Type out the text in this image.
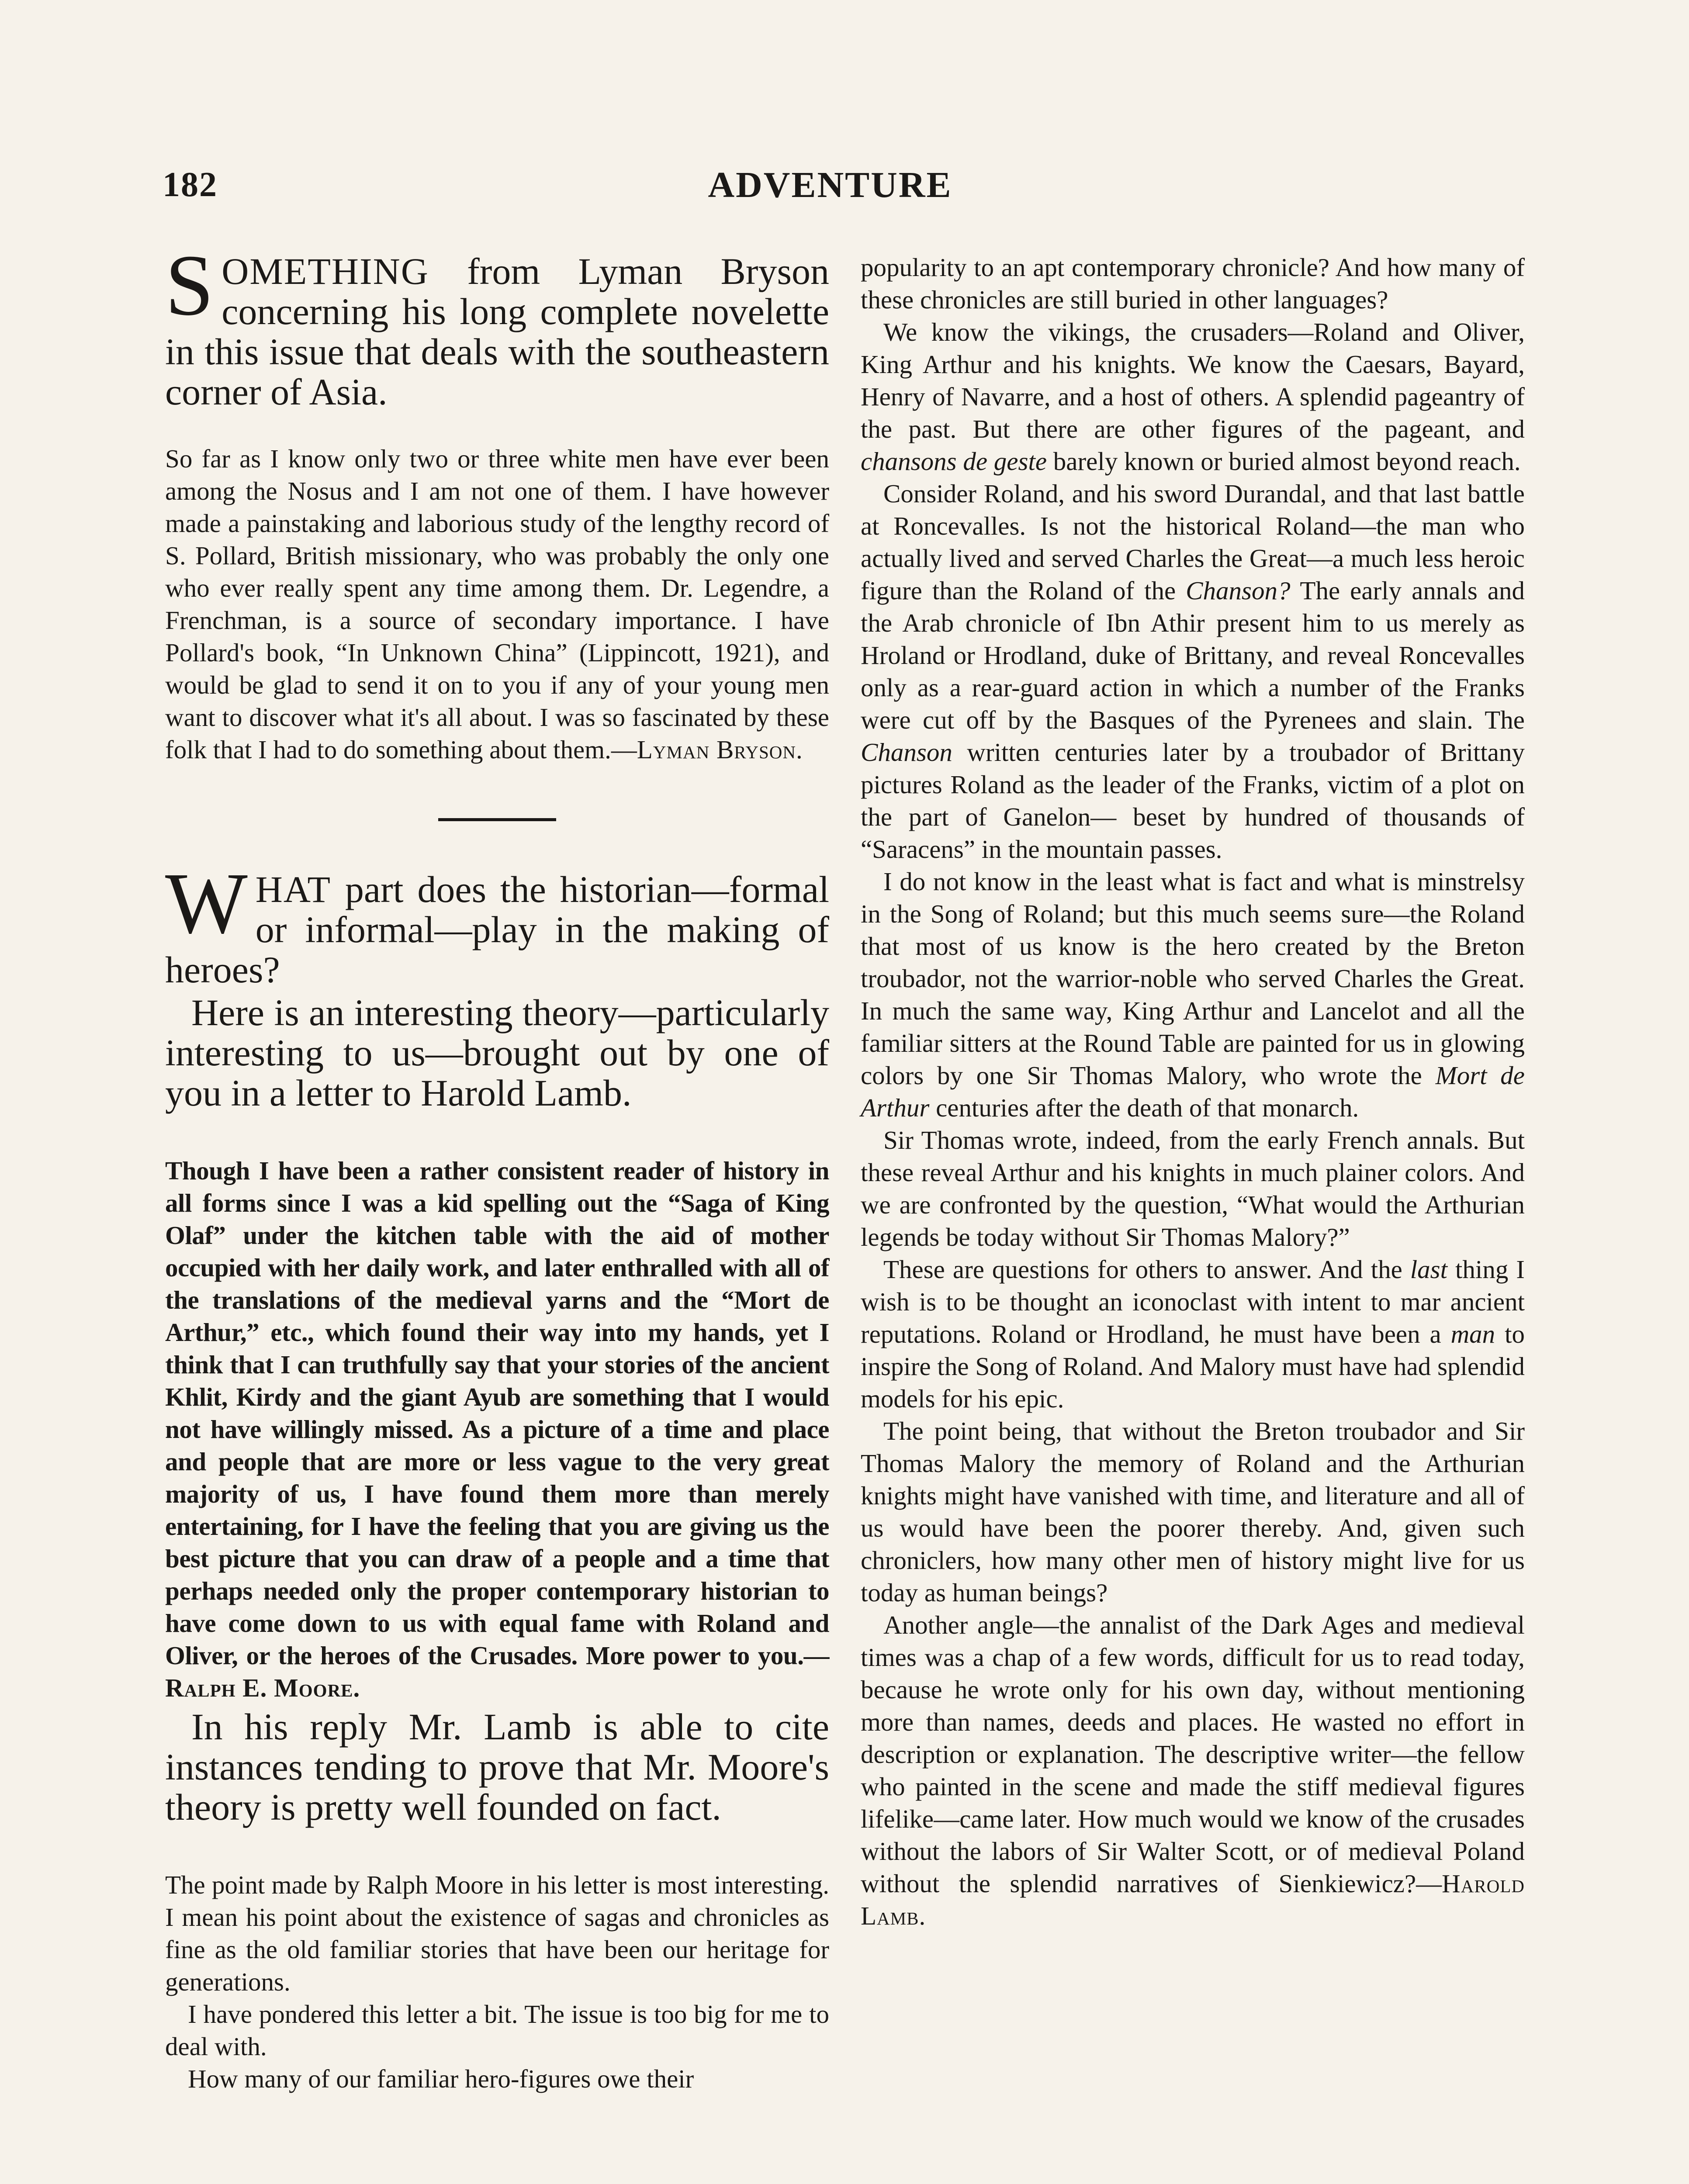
182	ADVENTURE

SOMETHING from Lyman Bryson concerning his long complete novelette in this issue that deals with the southeastern corner of Asia.

So far as I know only two or three white men have ever been among the Nosus and I am not one of them. I have however made a painstaking and laborious study of the lengthy record of S. Pollard, British missionary, who was probably the only one who ever really spent any time among them. Dr. Legendre, a Frenchman, is a source of secondary importance. I have Pollard's book, “In Unknown China” (Lippincott, 1921), and would be glad to send it on to you if any of your young men want to discover what it's all about. I was so fascinated by these folk that I had to do something about them.—Lyman Bryson.

WHAT part does the historian—formal or informal—play in the making of heroes?

Here is an interesting theory—particularly interesting to us—brought out by one of you in a letter to Harold Lamb.

Though I have been a rather consistent reader of history in all forms since I was a kid spelling out the “Saga of King Olaf” under the kitchen table with the aid of mother occupied with her daily work, and later enthralled with all of the translations of the medieval yarns and the “Mort de Arthur,” etc., which found their way into my hands, yet I think that I can truthfully say that your stories of the ancient Khlit, Kirdy and the giant Ayub are something that I would not have willingly missed. As a picture of a time and place and people that are more or less vague to the very great majority of us, I have found them more than merely entertaining, for I have the feeling that you are giving us the best picture that you can draw of a people and a time that perhaps needed only the proper contemporary historian to have come down to us with equal fame with Roland and Oliver, or the heroes of the Crusades. More power to you.—Ralph E. Moore.

In his reply Mr. Lamb is able to cite instances tending to prove that Mr. Moore's theory is pretty well founded on fact.

The point made by Ralph Moore in his letter is most interesting. I mean his point about the existence of sagas and chronicles as fine as the old familiar stories that have been our heritage for generations.

I have pondered this letter a bit. The issue is too big for me to deal with.

How many of our familiar hero-figures owe their

popularity to an apt contemporary chronicle? And how many of these chronicles are still buried in other languages?

We know the vikings, the crusaders—Roland and Oliver, King Arthur and his knights. We know the Caesars, Bayard, Henry of Navarre, and a host of others. A splendid pageantry of the past. But there are other figures of the pageant, and chansons de geste barely known or buried almost beyond reach.

Consider Roland, and his sword Durandal, and that last battle at Roncevalles. Is not the historical Roland—the man who actually lived and served Charles the Great—a much less heroic figure than the Roland of the Chanson? The early annals and the Arab chronicle of Ibn Athir present him to us merely as Hroland or Hrodland, duke of Brittany, and reveal Roncevalles only as a rear-guard action in which a number of the Franks were cut off by the Basques of the Pyrenees and slain. The Chanson written centuries later by a troubador of Brittany pictures Roland as the leader of the Franks, victim of a plot on the part of Ganelon— beset by hundred of thousands of “Saracens” in the mountain passes.

I do not know in the least what is fact and what is minstrelsy in the Song of Roland; but this much seems sure—the Roland that most of us know is the hero created by the Breton troubador, not the warrior-noble who served Charles the Great. In much the same way, King Arthur and Lancelot and all the familiar sitters at the Round Table are painted for us in glowing colors by one Sir Thomas Malory, who wrote the Mort de Arthur centuries after the death of that monarch.

Sir Thomas wrote, indeed, from the early French annals. But these reveal Arthur and his knights in much plainer colors. And we are confronted by the question, “What would the Arthurian legends be today without Sir Thomas Malory?”

These are questions for others to answer. And the last thing I wish is to be thought an iconoclast with intent to mar ancient reputations. Roland or Hrodland, he must have been a man to inspire the Song of Roland. And Malory must have had splendid models for his epic.

The point being, that without the Breton troubador and Sir Thomas Malory the memory of Roland and the Arthurian knights might have vanished with time, and literature and all of us would have been the poorer thereby. And, given such chroniclers, how many other men of history might live for us today as human beings?

Another angle—the annalist of the Dark Ages and medieval times was a chap of a few words, difficult for us to read today, because he wrote only for his own day, without mentioning more than names, deeds and places. He wasted no effort in description or explanation. The descriptive writer—the fellow who painted in the scene and made the stiff medieval figures lifelike—came later. How much would we know of the crusades without the labors of Sir Walter Scott, or of medieval Poland without the splendid narratives of Sienkiewicz?—Harold Lamb.
